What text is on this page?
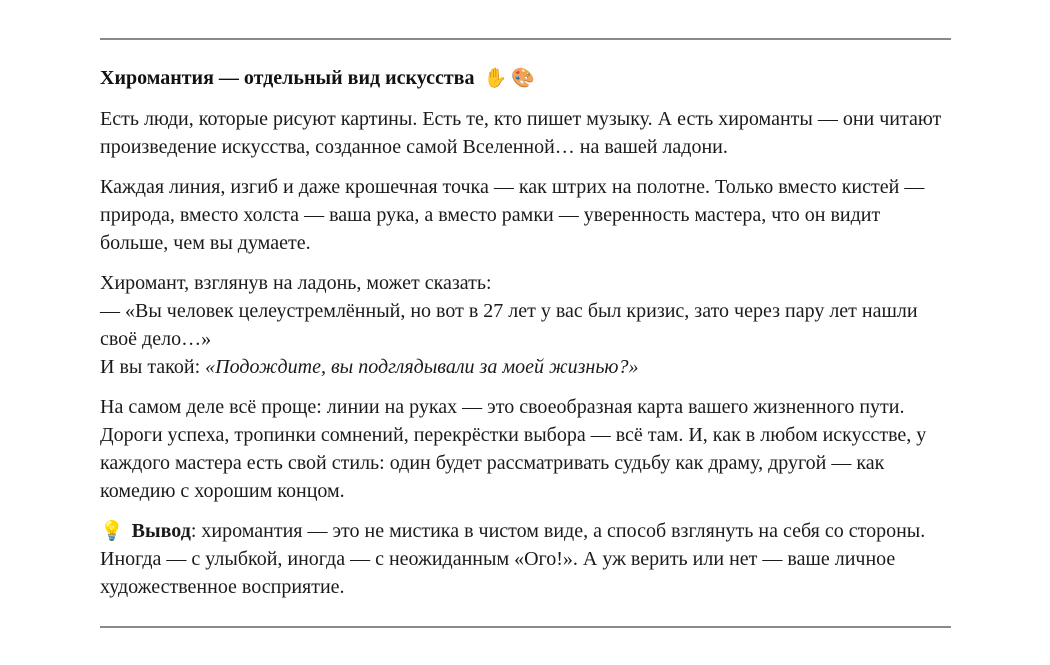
Хиромантия — отдельный вид искусства ✋ 🎨

Есть люди, которые рисуют картины. Есть те, кто пишет музыку. А есть хироманты — они читают произведение искусства, созданное самой Вселенной… на вашей ладони.

Каждая линия, изгиб и даже крошечная точка — как штрих на полотне. Только вместо кистей — природа, вместо холста — ваша рука, а вместо рамки — уверенность мастера, что он видит больше, чем вы думаете.

Хиромант, взглянув на ладонь, может сказать:
— «Вы человек целеустремлённый, но вот в 27 лет у вас был кризис, зато через пару лет нашли своё дело…»
И вы такой: «Подождите, вы подглядывали за моей жизнью?»

На самом деле всё проще: линии на руках — это своеобразная карта вашего жизненного пути. Дороги успеха, тропинки сомнений, перекрёстки выбора — всё там. И, как в любом искусстве, у каждого мастера есть свой стиль: один будет рассматривать судьбу как драму, другой — как комедию с хорошим концом.

💡 Вывод: хиромантия — это не мистика в чистом виде, а способ взглянуть на себя со стороны. Иногда — с улыбкой, иногда — с неожиданным «Ого!». А уж верить или нет — ваше личное художественное восприятие.
